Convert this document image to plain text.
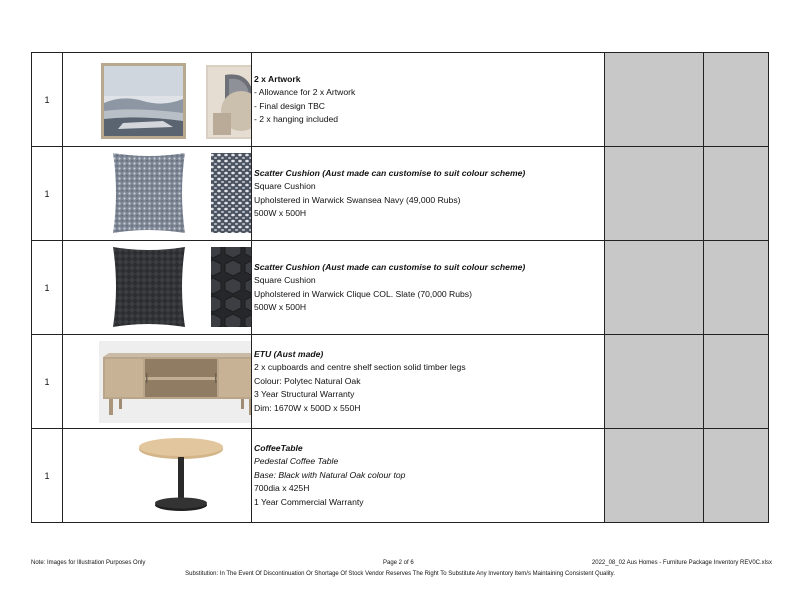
1		2 x Artwork
- Allowance for 2 x Artwork
- Final design TBC
- 2 x hanging included		

1		Scatter Cushion (Aust made can customise to suit colour scheme)
Square Cushion
Upholstered in Warwick Swansea Navy (49,000 Rubs)
500W x 500H		

1		Scatter Cushion (Aust made can customise to suit colour scheme)
Square Cushion
Upholstered in Warwick Clique COL. Slate (70,000 Rubs)
500W x 500H		

1		ETU (Aust made)
2 x cupboards and centre shelf section solid timber legs
Colour: Polytec Natural Oak
3 Year Structural Warranty
Dim: 1670W x 500D x 550H		

1		CoffeeTable
Pedestal Coffee Table
Base: Black with Natural Oak colour top
700dia x 425H
1 Year Commercial Warranty		

Note: Images for Illustration Purposes Only	Page 2 of 6	2022_08_02 Aus Homes - Furniture Package Inventory REV0C.xlsx
Substitution: In The Event Of Discontinuation Or Shortage Of Stock Vendor Reserves The Right To Substitute Any Inventory Item/s Maintaining Consistent Quality.
